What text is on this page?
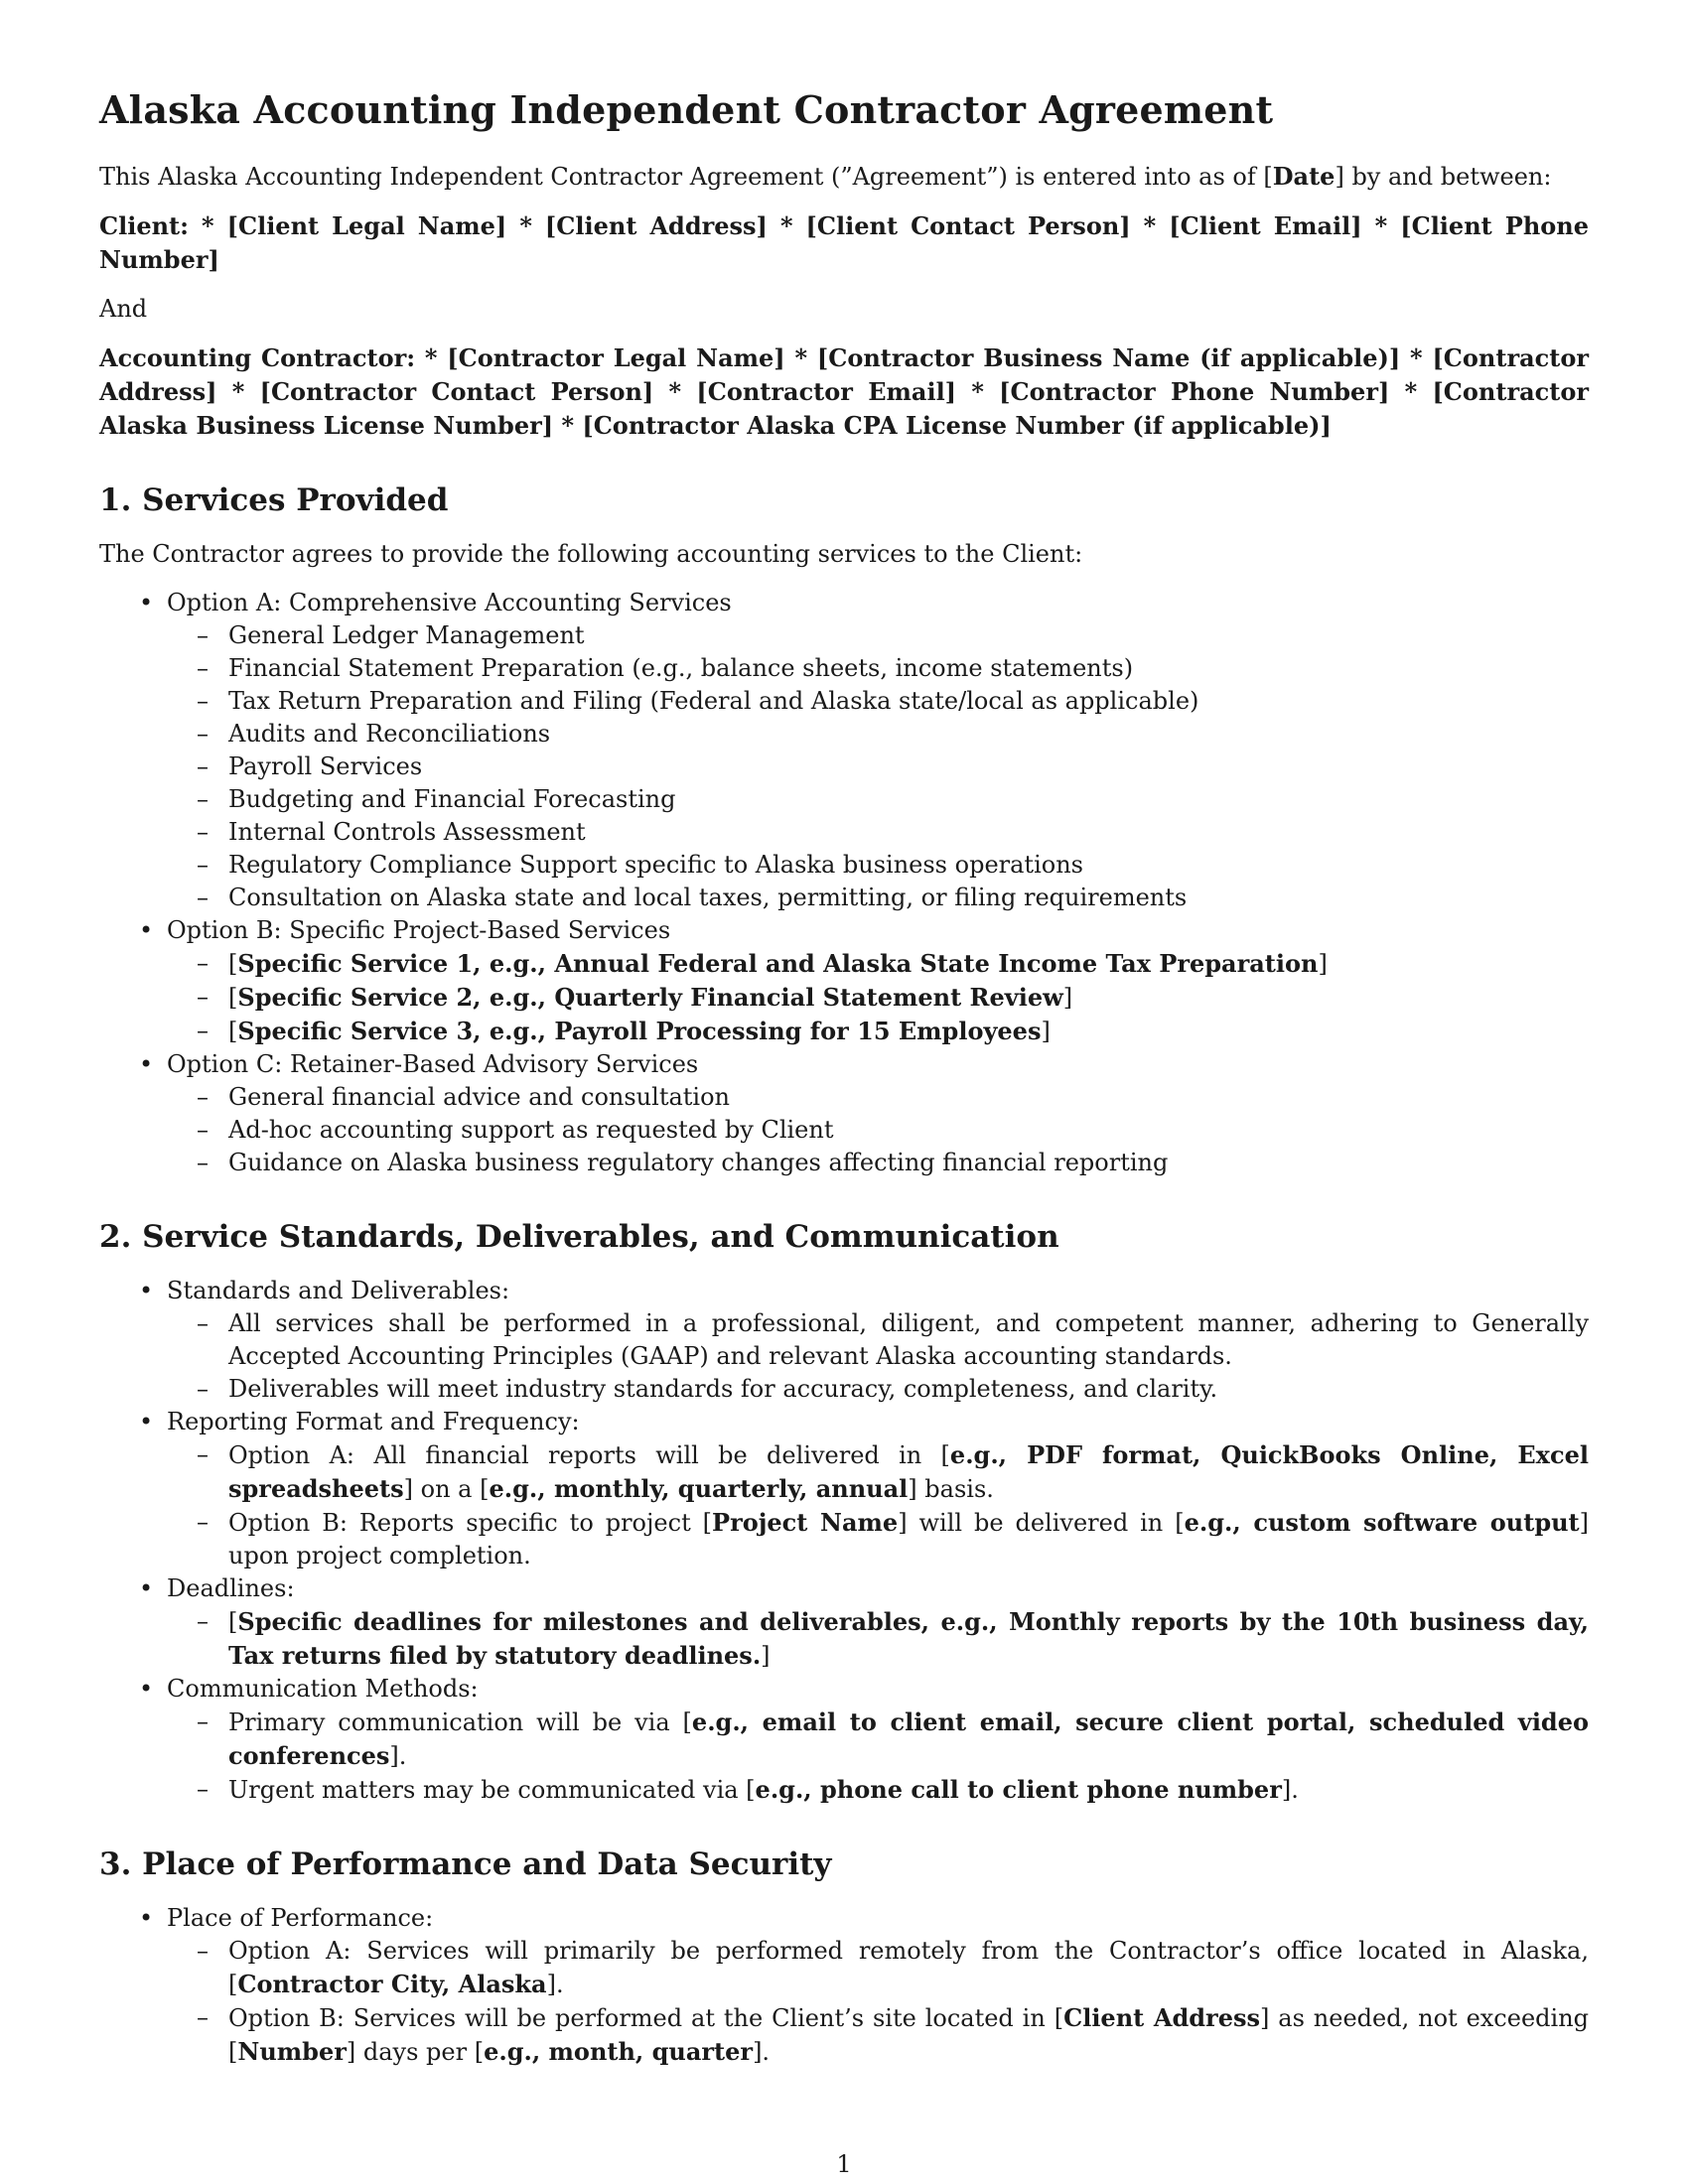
Alaska Accounting Independent Contractor Agreement

This Alaska Accounting Independent Contractor Agreement (”Agreement”) is entered into as of [Date] by and between:

Client: * [Client Legal Name] * [Client Address] * [Client Contact Person] * [Client Email] * [Client Phone Number]

And

Accounting Contractor: * [Contractor Legal Name] * [Contractor Business Name (if applicable)] * [Contractor Address] * [Contractor Contact Person] * [Contractor Email] * [Contractor Phone Number] * [Contractor Alaska Business License Number] * [Contractor Alaska CPA License Number (if applicable)]

1. Services Provided

The Contractor agrees to provide the following accounting services to the Client:

• Option A: Comprehensive Accounting Services
– General Ledger Management
– Financial Statement Preparation (e.g., balance sheets, income statements)
– Tax Return Preparation and Filing (Federal and Alaska state/local as applicable)
– Audits and Reconciliations
– Payroll Services
– Budgeting and Financial Forecasting
– Internal Controls Assessment
– Regulatory Compliance Support specific to Alaska business operations
– Consultation on Alaska state and local taxes, permitting, or filing requirements
• Option B: Specific Project-Based Services
– [Specific Service 1, e.g., Annual Federal and Alaska State Income Tax Preparation]
– [Specific Service 2, e.g., Quarterly Financial Statement Review]
– [Specific Service 3, e.g., Payroll Processing for 15 Employees]
• Option C: Retainer-Based Advisory Services
– General financial advice and consultation
– Ad-hoc accounting support as requested by Client
– Guidance on Alaska business regulatory changes affecting financial reporting
2. Service Standards, Deliverables, and Communication
• Standards and Deliverables:
– All services shall be performed in a professional, diligent, and competent manner, adhering to Generally Accepted Accounting Principles (GAAP) and relevant Alaska accounting standards.
– Deliverables will meet industry standards for accuracy, completeness, and clarity.
• Reporting Format and Frequency:
– Option A: All financial reports will be delivered in [e.g., PDF format, QuickBooks Online, Excel spreadsheets] on a [e.g., monthly, quarterly, annual] basis.
– Option B: Reports specific to project [Project Name] will be delivered in [e.g., custom software output] upon project completion.
• Deadlines:
– [Specific deadlines for milestones and deliverables, e.g., Monthly reports by the 10th business day, Tax returns filed by statutory deadlines.]
• Communication Methods:
– Primary communication will be via [e.g., email to client email, secure client portal, scheduled video conferences].
– Urgent matters may be communicated via [e.g., phone call to client phone number].
3. Place of Performance and Data Security
• Place of Performance:
– Option A: Services will primarily be performed remotely from the Contractor’s office located in Alaska, [Contractor City, Alaska].
– Option B: Services will be performed at the Client’s site located in [Client Address] as needed, not exceeding [Number] days per [e.g., month, quarter].
1
